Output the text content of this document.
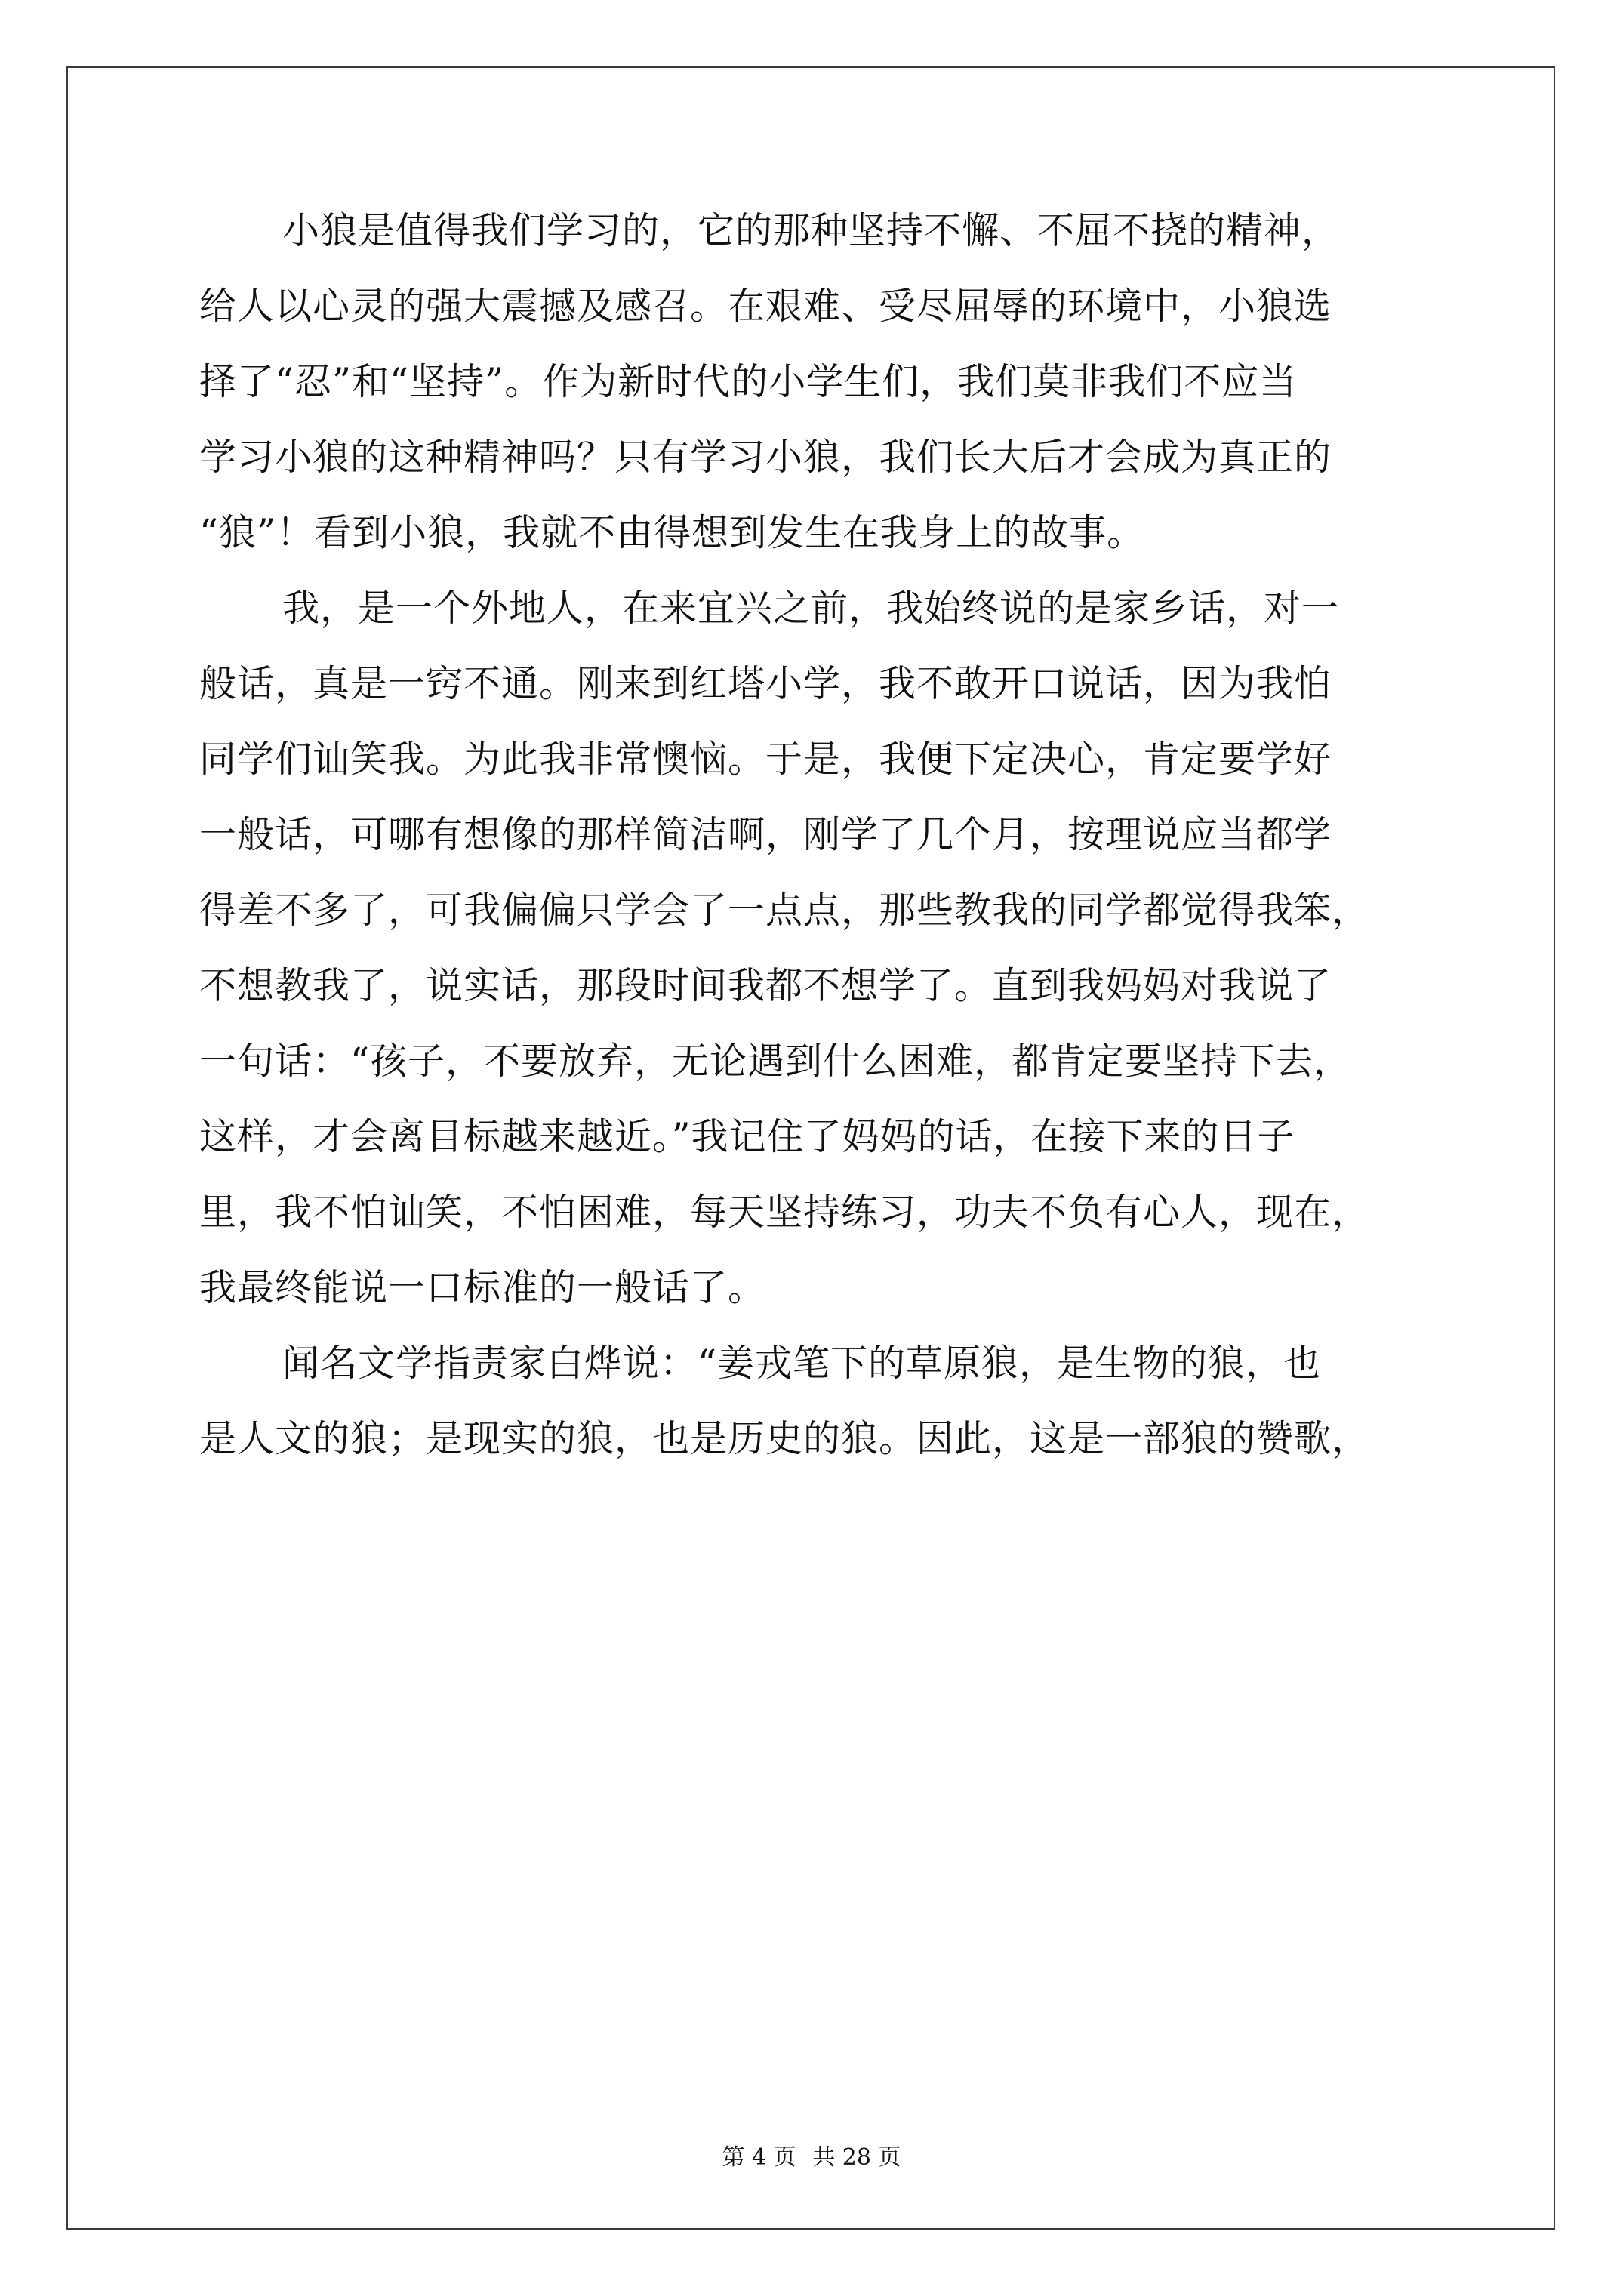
小狼是值得我们学习的，它的那种坚持不懈、不屈不挠的精神，
给人以心灵的强大震撼及感召。在艰难、受尽屈辱的环境中，小狼选
择了“忍”和“坚持”。作为新时代的小学生们，我们莫非我们不应当
学习小狼的这种精神吗？只有学习小狼，我们长大后才会成为真正的
“狼”！看到小狼，我就不由得想到发生在我身上的故事。
我，是一个外地人，在来宜兴之前，我始终说的是家乡话，对一
般话，真是一窍不通。刚来到红塔小学，我不敢开口说话，因为我怕
同学们讪笑我。为此我非常懊恼。于是，我便下定决心，肯定要学好
一般话，可哪有想像的那样简洁啊，刚学了几个月，按理说应当都学
得差不多了，可我偏偏只学会了一点点，那些教我的同学都觉得我笨，
不想教我了，说实话，那段时间我都不想学了。直到我妈妈对我说了
一句话：“孩子，不要放弃，无论遇到什么困难，都肯定要坚持下去，
这样，才会离目标越来越近。”我记住了妈妈的话，在接下来的日子
里，我不怕讪笑，不怕困难，每天坚持练习，功夫不负有心人，现在，
我最终能说一口标准的一般话了。
闻名文学指责家白烨说：“姜戎笔下的草原狼，是生物的狼，也
是人文的狼；是现实的狼，也是历史的狼。因此，这是一部狼的赞歌，
第 4 页 共 28 页
